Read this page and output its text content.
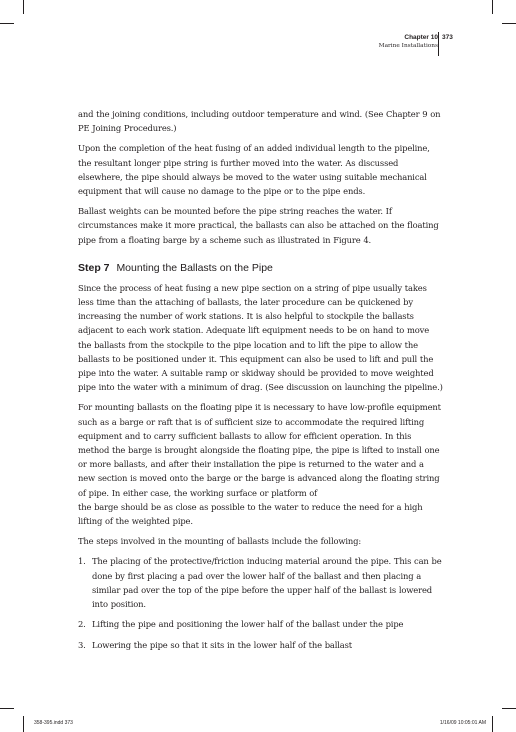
Chapter 10
Marine Installations
373

and the joining conditions, including outdoor temperature and wind. (See Chapter 9 on PE Joining Procedures.)

Upon the completion of the heat fusing of an added individual length to the pipeline, the resultant longer pipe string is further moved into the water. As discussed elsewhere, the pipe should always be moved to the water using suitable mechanical equipment that will cause no damage to the pipe or to the pipe ends.

Ballast weights can be mounted before the pipe string reaches the water. If circumstances make it more practical, the ballasts can also be attached on the floating pipe from a floating barge by a scheme such as illustrated in Figure 4.

Step 7 Mounting the Ballasts on the Pipe

Since the process of heat fusing a new pipe section on a string of pipe usually takes less time than the attaching of ballasts, the later procedure can be quickened by increasing the number of work stations. It is also helpful to stockpile the ballasts adjacent to each work station. Adequate lift equipment needs to be on hand to move the ballasts from the stockpile to the pipe location and to lift the pipe to allow the ballasts to be positioned under it. This equipment can also be used to lift and pull the pipe into the water. A suitable ramp or skidway should be provided to move weighted pipe into the water with a minimum of drag. (See discussion on launching the pipeline.)

For mounting ballasts on the floating pipe it is necessary to have low-profile equipment such as a barge or raft that is of sufficient size to accommodate the required lifting equipment and to carry sufficient ballasts to allow for efficient operation. In this method the barge is brought alongside the floating pipe, the pipe is lifted to install one or more ballasts, and after their installation the pipe is returned to the water and a new section is moved onto the barge or the barge is advanced along the floating string of pipe. In either case, the working surface or platform of

the barge should be as close as possible to the water to reduce the need for a high lifting of the weighted pipe.

The steps involved in the mounting of ballasts include the following:

1. The placing of the protective/friction inducing material around the pipe. This can be done by first placing a pad over the lower half of the ballast and then placing a similar pad over the top of the pipe before the upper half of the ballast is lowered into position.
2. Lifting the pipe and positioning the lower half of the ballast under the pipe
3. Lowering the pipe so that it sits in the lower half of the ballast
358-395.indd 373	1/16/09 10:05:01 AM
